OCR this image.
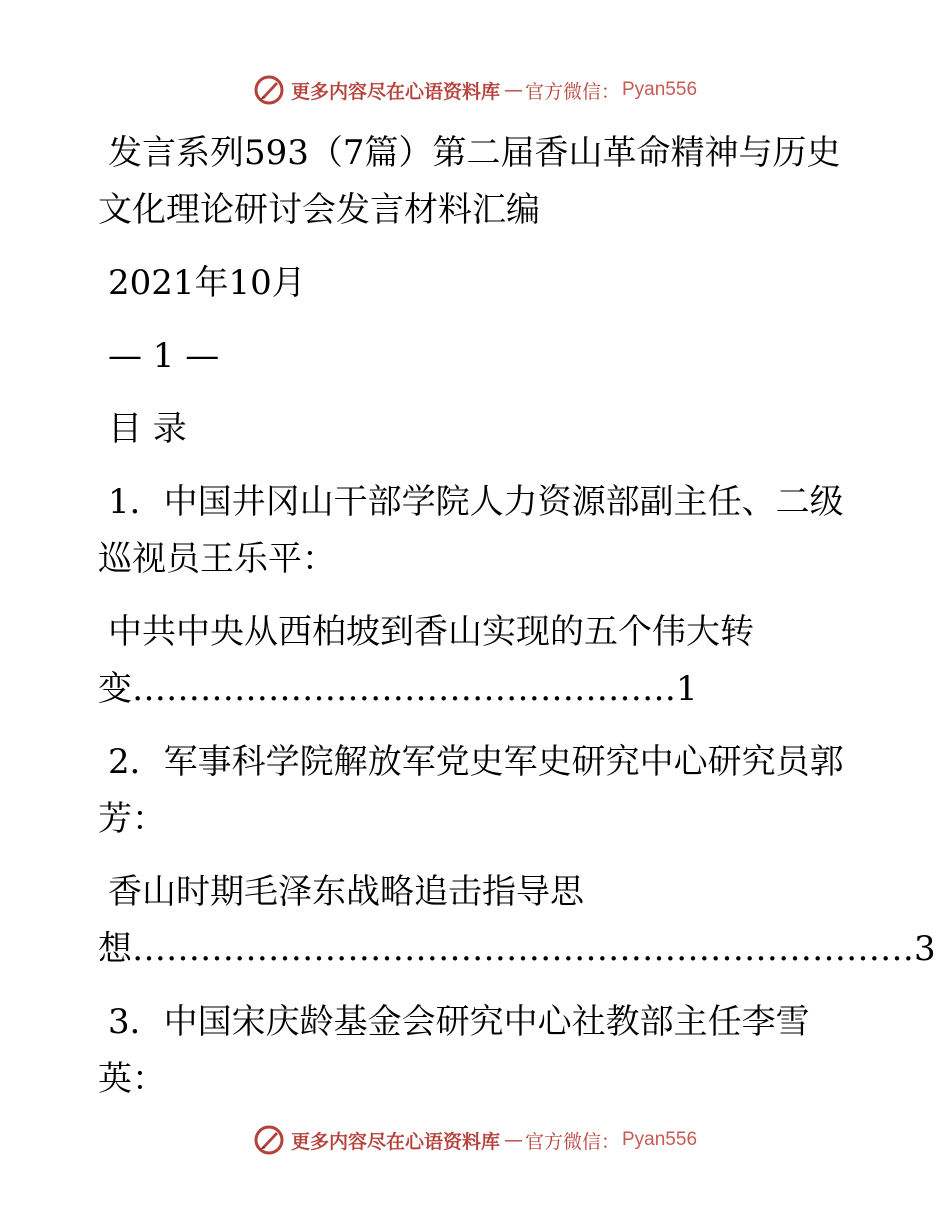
更多内容尽在心语资料库 — 官方微信： Pyan556

发言系列593（7篇）第二届香山革命精神与历史

文化理论研讨会发言材料汇编

2021年10月

— 1 —

目 录

1．中国井冈山干部学院人力资源部副主任、二级

巡视员王乐平：

中共中央从西柏坡到香山实现的五个伟大转

变…………………………………………1

2．军事科学院解放军党史军史研究中心研究员郭

芳：

香山时期毛泽东战略追击指导思

想……………………………………………………………3

3．中国宋庆龄基金会研究中心社教部主任李雪

英：

更多内容尽在心语资料库 — 官方微信： Pyan556
